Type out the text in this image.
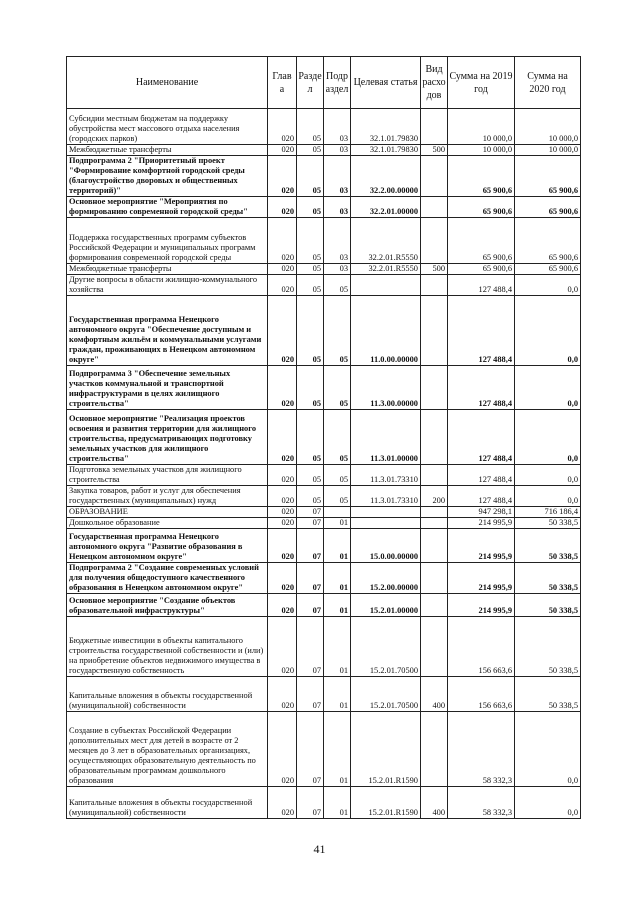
Наименование	Глав а	Разде л	Подр аздел	Целевая статья	Вид расхо дов	Сумма на 2019 год	Сумма на 2020 год
Субсидии местным бюджетам на поддержку обустройства мест массового отдыха населения (городских парков)	020	05	03	32.1.01.79830		10 000,0	10 000,0
Межбюджетные трансферты	020	05	03	32.1.01.79830	500	10 000,0	10 000,0
Подпрограмма 2 "Приоритетный проект "Формирование комфортной городской среды (благоустройство дворовых и общественных территорий)"	020	05	03	32.2.00.00000		65 900,6	65 900,6
Основное мероприятие "Мероприятия по формированию современной городской среды"	020	05	03	32.2.01.00000		65 900,6	65 900,6
Поддержка государственных программ субъектов Российской Федерации и муниципальных программ формирования современной городской среды	020	05	03	32.2.01.R5550		65 900,6	65 900,6
Межбюджетные трансферты	020	05	03	32.2.01.R5550	500	65 900,6	65 900,6
Другие вопросы в области жилищно-коммунального хозяйства	020	05	05			127 488,4	0,0
Государственная программа Ненецкого автономного округа "Обеспечение доступным и комфортным жильём и коммунальными услугами граждан, проживающих в Ненецком автономном округе"	020	05	05	11.0.00.00000		127 488,4	0,0
Подпрограмма 3 "Обеспечение земельных участков коммунальной и транспортной инфраструктурами в целях жилищного строительства"	020	05	05	11.3.00.00000		127 488,4	0,0
Основное мероприятие "Реализация проектов освоения и развития территории для жилищного строительства, предусматривающих подготовку земельных участков для жилищного строительства"	020	05	05	11.3.01.00000		127 488,4	0,0
Подготовка земельных участков для жилищного строительства	020	05	05	11.3.01.73310		127 488,4	0,0
Закупка товаров, работ и услуг для обеспечения государственных (муниципальных) нужд	020	05	05	11.3.01.73310	200	127 488,4	0,0
ОБРАЗОВАНИЕ	020	07				947 298,1	716 186,4
Дошкольное образование	020	07	01			214 995,9	50 338,5
Государственная программа Ненецкого автономного округа "Развитие образования в Ненецком автономном округе"	020	07	01	15.0.00.00000		214 995,9	50 338,5
Подпрограмма 2 "Создание современных условий для получения общедоступного качественного образования в Ненецком автономном округе"	020	07	01	15.2.00.00000		214 995,9	50 338,5
Основное мероприятие "Создание объектов образовательной инфраструктуры"	020	07	01	15.2.01.00000		214 995,9	50 338,5
Бюджетные инвестиции в объекты капитального строительства государственной собственности и (или) на приобретение объектов недвижимого имущества в государственную собственность	020	07	01	15.2.01.70500		156 663,6	50 338,5
Капитальные вложения в объекты государственной (муниципальной) собственности	020	07	01	15.2.01.70500	400	156 663,6	50 338,5
Создание в субъектах Российской Федерации дополнительных мест для детей в возрасте от 2 месяцев до 3 лет в образовательных организациях, осуществляющих образовательную деятельность по образовательным программам дошкольного образования	020	07	01	15.2.01.R1590		58 332,3	0,0
Капитальные вложения в объекты государственной (муниципальной) собственности	020	07	01	15.2.01.R1590	400	58 332,3	0,0
41
